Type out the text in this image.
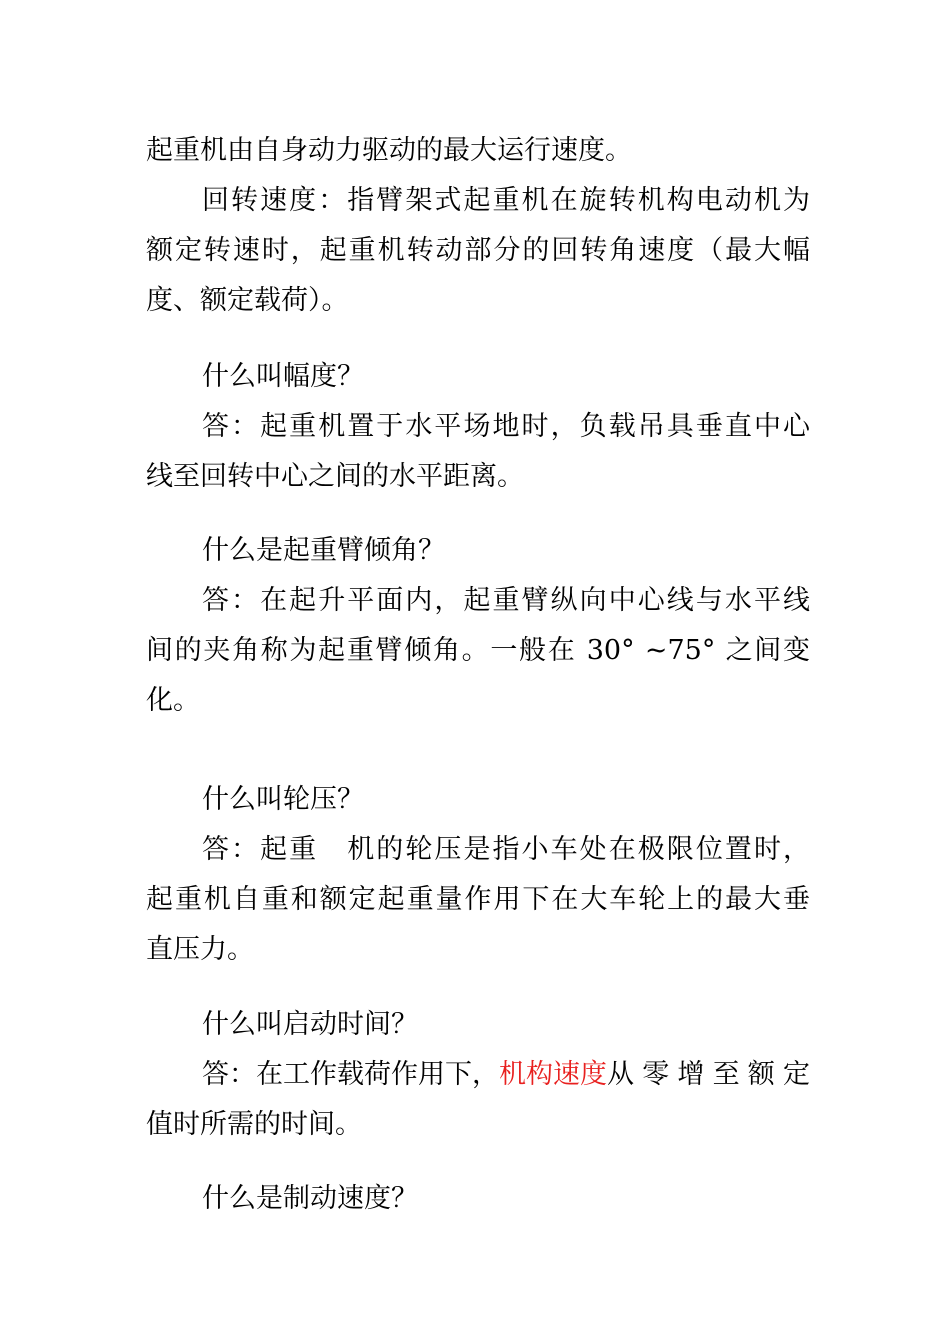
起重机由自身动力驱动的最大运行速度。
回转速度：指臂架式起重机在旋转机构电动机为
额定转速时，起重机转动部分的回转角速度（最大幅
度、额定载荷）。
什么叫幅度？
答：起重机置于水平场地时，负载吊具垂直中心
线至回转中心之间的水平距离。
什么是起重臂倾角？
答：在起升平面内，起重臂纵向中心线与水平线
间的夹角称为起重臂倾角。一般在 30° ~75° 之间变
化。
什么叫轮压？
答：起重　机的轮压是指小车处在极限位置时，
起重机自重和额定起重量作用下在大车轮上的最大垂
直压力。
什么叫启动时间？
答：在工作载荷作用下， 机构速度 从零增至额定
值时所需的时间。
什么是制动速度？
